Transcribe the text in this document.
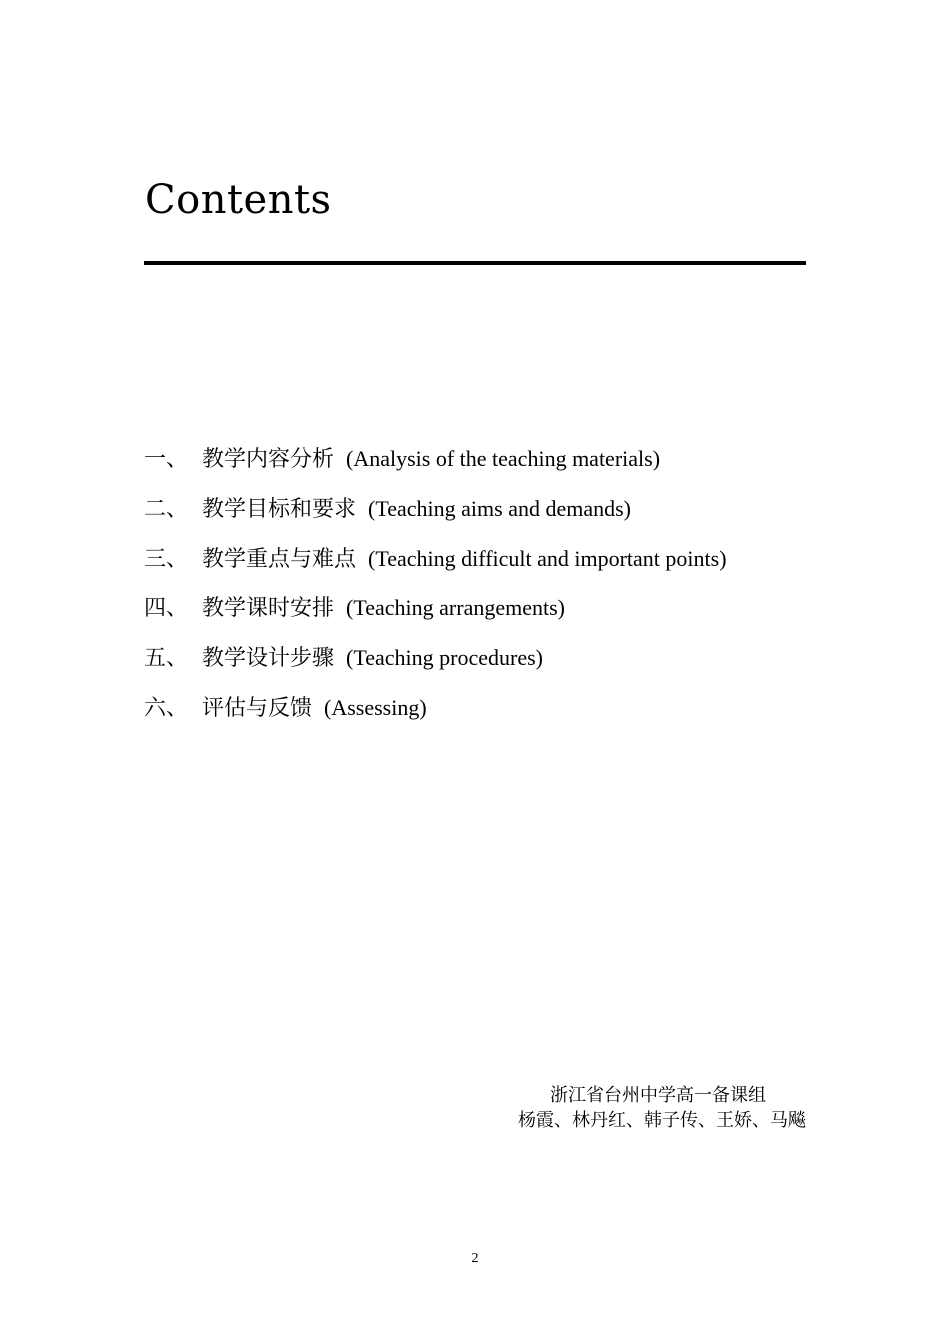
Contents
一、 教学内容分析 (Analysis of the teaching materials)
二、 教学目标和要求 (Teaching aims and demands)
三、 教学重点与难点 (Teaching difficult and important points)
四、 教学课时安排 (Teaching arrangements)
五、 教学设计步骤 (Teaching procedures)
六、 评估与反馈 (Assessing)
浙江省台州中学高一备课组
杨霞、林丹红、韩子传、王娇、马飚
2
